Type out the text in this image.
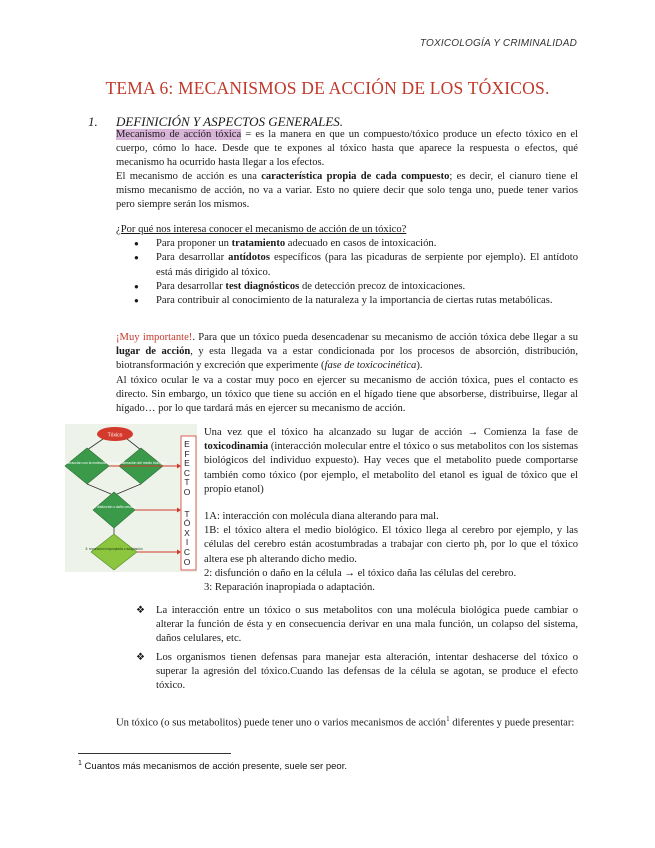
TOXICOLOGÍA Y CRIMINALIDAD
TEMA 6: MECANISMOS DE ACCIÓN DE LOS TÓXICOS.
1. DEFINICIÓN Y ASPECTOS GENERALES.
Mecanismo de acción tóxica = es la manera en que un compuesto/tóxico produce un efecto tóxico en el cuerpo, cómo lo hace. Desde que te expones al tóxico hasta que aparece la respuesta o efectos, qué mecanismo ha ocurrido hasta llegar a los efectos.
El mecanismo de acción es una característica propia de cada compuesto; es decir, el cianuro tiene el mismo mecanismo de acción, no va a variar. Esto no quiere decir que solo tenga uno, puede tener varios pero siempre serán los mismos.
¿Por qué nos interesa conocer el mecanismo de acción de un tóxico?
● Para proponer un tratamiento adecuado en casos de intoxicación.
● Para desarrollar antídotos específicos (para las picaduras de serpiente por ejemplo). El antídoto está más dirigido al tóxico.
● Para desarrollar test diagnósticos de detección precoz de intoxicaciones.
● Para contribuir al conocimiento de la naturaleza y la importancia de ciertas rutas metabólicas.
¡Muy importante!. Para que un tóxico pueda desencadenar su mecanismo de acción tóxica debe llegar a su lugar de acción, y esta llegada va a estar condicionada por los procesos de absorción, distribución, biotransformación y excreción que experimente (fase de toxicocinética).
Al tóxico ocular le va a costar muy poco en ejercer su mecanismo de acción tóxica, pues el contacto es directo. Sin embargo, un tóxico que tiene su acción en el hígado tiene que absorberse, distribuirse, llegar al hígado… por lo que tardará más en ejercer su mecanismo de acción.
Tóxico
1A: interacción con la molécula diana 1B: alteración del medio biológico
2: disfunción o daño celular
3: reparación inapropiada o adaptación
E
F
E
C
T
O
T
Ó
X
I
C
O
Una vez que el tóxico ha alcanzado su lugar de acción → Comienza la fase de toxicodinamia (interacción molecular entre el tóxico o sus metabolitos con los sistemas biológicos del individuo expuesto). Hay veces que el metabolito puede comportarse también como tóxico (por ejemplo, el metabolito del etanol es igual de tóxico que el propio etanol)
1A: interacción con molécula diana alterando para mal.
1B: el tóxico altera el medio biológico. El tóxico llega al cerebro por ejemplo, y las células del cerebro están acostumbradas a trabajar con cierto ph, por lo que el tóxico altera ese ph alterando dicho medio.
2: disfunción o daño en la célula → el tóxico daña las células del cerebro.
3: Reparación inapropiada o adaptación.
❖ La interacción entre un tóxico o sus metabolitos con una molécula biológica puede cambiar o alterar la función de ésta y en consecuencia derivar en una mala función, un colapso del sistema, daños celulares, etc.
❖ Los organismos tienen defensas para manejar esta alteración, intentar deshacerse del tóxico o superar la agresión del tóxico.Cuando las defensas de la célula se agotan, se produce el efecto tóxico.
Un tóxico (o sus metabolitos) puede tener uno o varios mecanismos de acción$^1$ diferentes y puede presentar:
$^1$ Cuantos más mecanismos de acción presente, suele ser peor.
